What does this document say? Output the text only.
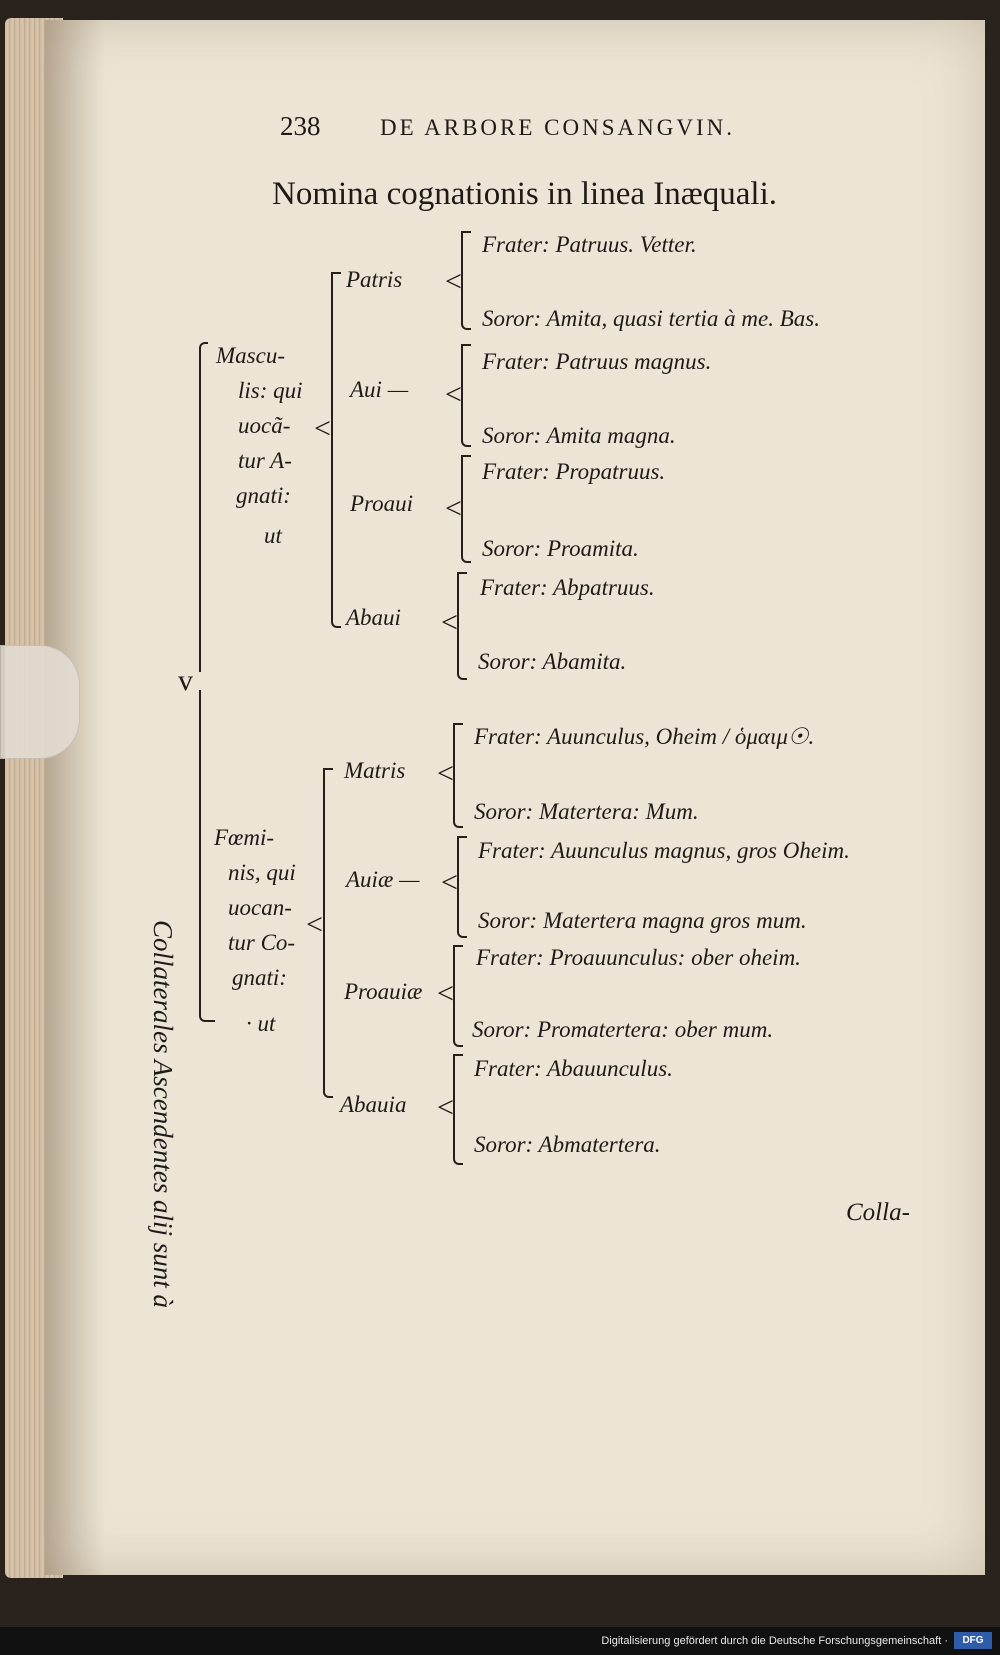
238	DE ARBORE CONSANGVIN.
Nomina cognationis in linea Inæquali.
Collaterales Ascendentes alij sunt à
v
Mascu-
lis: qui
uocã-
tur A-
gnati:
ut
Fœmi-
nis, qui
uocan-
tur Co-
gnati:
· ut
<
<
Patris <
Frater: Patruus. Vetter.
Soror: Amita, quasi tertia à me. Bas.
Aui — <
Frater: Patruus magnus.
Soror: Amita magna.
Proaui <
Frater: Propatruus.
Soror: Proamita.
Abaui <
Frater: Abpatruus.
Soror: Abamita.
Matris <
Frater: Auunculus, Oheim / ὁμαιμ☉.
Soror: Matertera: Mum.
Auiæ — <
Frater: Auunculus magnus, gros Oheim.
Soror: Matertera magna gros mum.
Proauiæ <
Frater: Proauunculus: ober oheim.
Soror: Promatertera: ober mum.
Abauia <
Frater: Abauunculus.
Soror: Abmatertera.
Colla-
Digitalisierung gefördert durch die Deutsche Forschungsgemeinschaft ·	DFG
